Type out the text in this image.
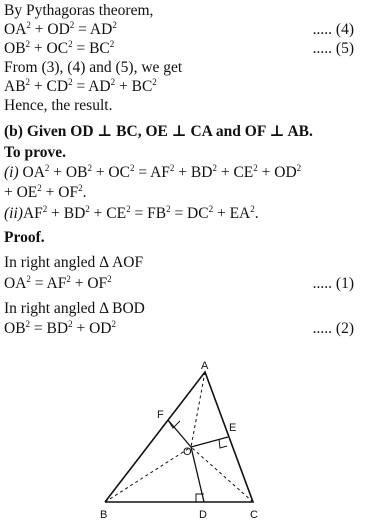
By Pythagoras theorem,
$OA^2 + OD^2 = AD^2$	..... (4)
$OB^2 + OC^2 = BC^2$	..... (5)
From (3), (4) and (5), we get
$AB^2 + CD^2 = AD^2 + BC^2$
Hence, the result.
(b) Given OD ⊥ BC, OE ⊥ CA and OF ⊥ AB.
To prove.
(i) $OA^2 + OB^2 + OC^2 = AF^2 + BD^2 + CE^2 + OD^2$
+ $OE^2 + OF^2$.
$(ii)AF^2 + BD^2 + CE^2 = FB^2 = DC^2 + EA^2$.
Proof.
In right angled Δ AOF
$OA^2 = AF^2 + OF^2$	..... (1)
In right angled Δ BOD
$OB^2 = BD^2 + OD^2$	..... (2)
A
B	C
D
E
F
O
